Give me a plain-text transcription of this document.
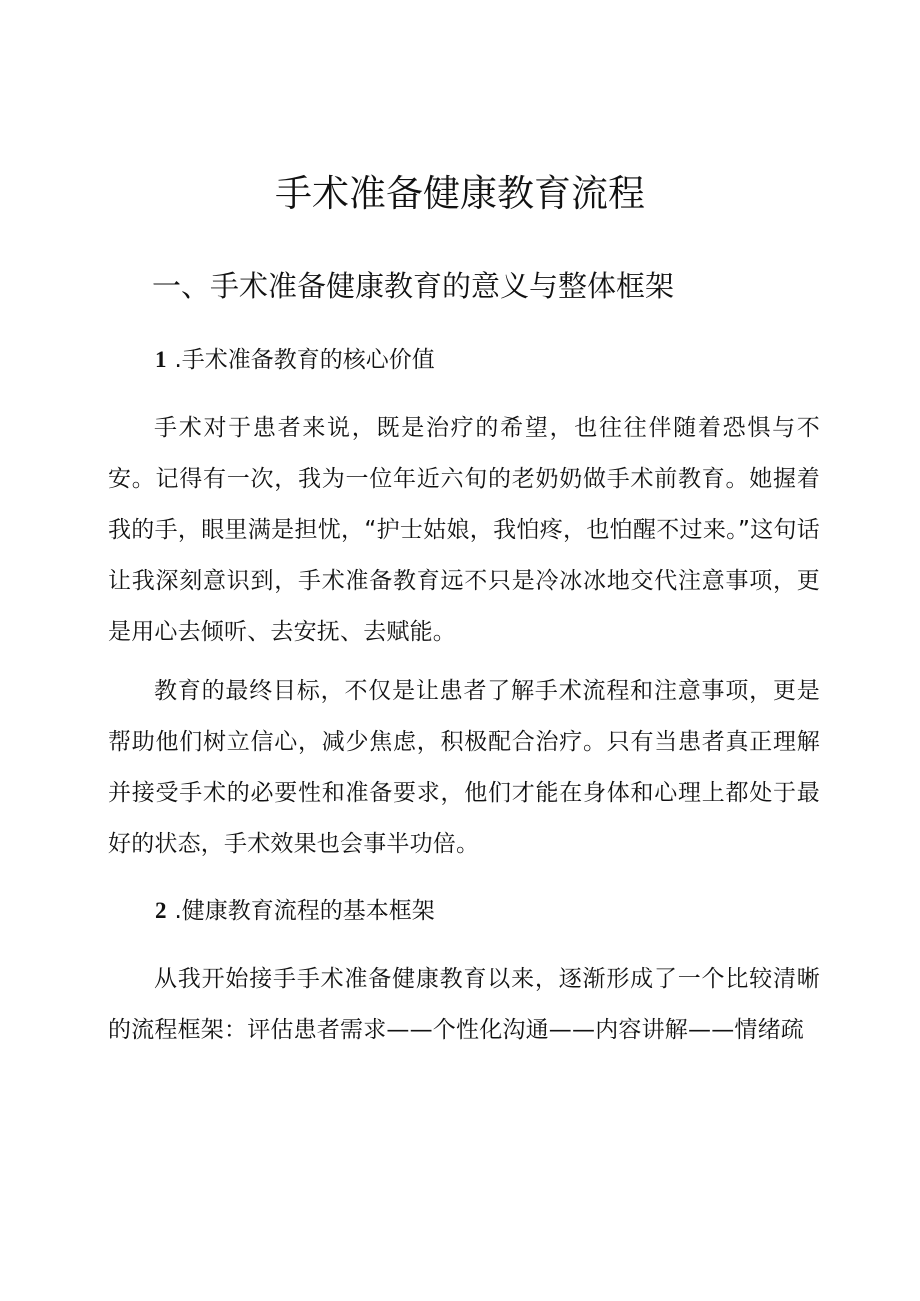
手术准备健康教育流程
一、手术准备健康教育的意义与整体框架
1 .手术准备教育的核心价值

手术对于患者来说，既是治疗的希望，也往往伴随着恐惧与不安。记得有一次，我为一位年近六旬的老奶奶做手术前教育。她握着我的手，眼里满是担忧，“护士姑娘，我怕疼，也怕醒不过来。”这句话让我深刻意识到，手术准备教育远不只是冷冰冰地交代注意事项，更是用心去倾听、去安抚、去赋能。

教育的最终目标，不仅是让患者了解手术流程和注意事项，更是帮助他们树立信心，减少焦虑，积极配合治疗。只有当患者真正理解并接受手术的必要性和准备要求，他们才能在身体和心理上都处于最好的状态，手术效果也会事半功倍。

2 .健康教育流程的基本框架

从我开始接手手术准备健康教育以来，逐渐形成了一个比较清晰的流程框架：评估患者需求——个性化沟通——内容讲解——情绪疏
